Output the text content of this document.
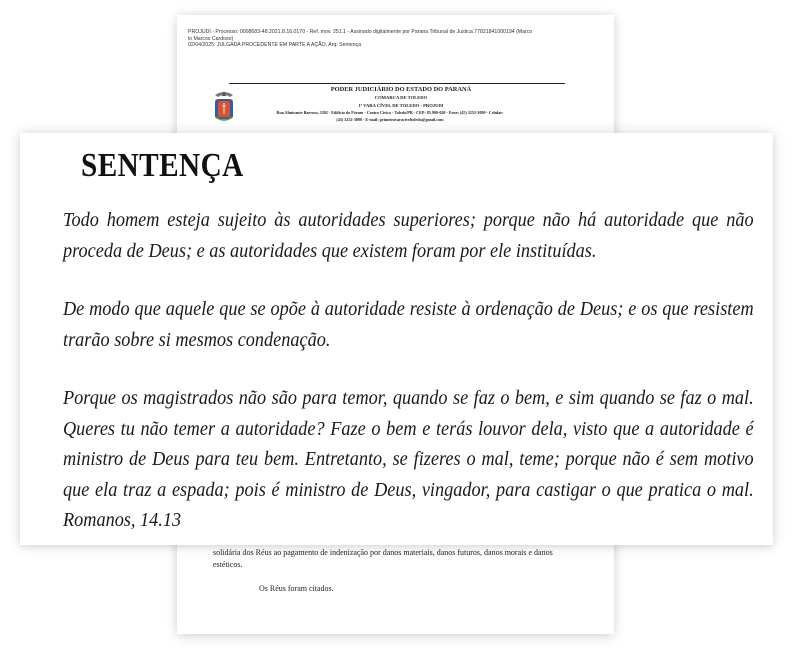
PROJUDI - Processo: 0008683-48.2021.8.16.0170 - Ref. mov. 251.1 - Assinado digitalmente por Parana Tribunal de Justica:77821841000194 (Marco
lo Marcos Cardoso)
02/04/2025: JULGADA PROCEDENTE EM PARTE A AÇÃO. Arq: Sentença
PODER JUDICIÁRIO DO ESTADO DO PARANÁ
COMARCA DE TOLEDO
1ª VARA CÍVEL DE TOLEDO - PROJUDI
Rua Almirante Barroso, 3202 - Edifício do Fórum - Centro Cívico - Toledo/PR - CEP: 85.900-020 - Fone: (45) 3252-3090 - Celular:
(45) 3252-3090 - E-mail: primeiravaracíveltoledo@gmail.com

solidária dos Réus ao pagamento de indenização por danos materiais, danos futuros, danos morais e danos estéticos.

Os Réus foram citados.

SENTENÇA

Todo homem esteja sujeito às autoridades superiores; porque não há autoridade que não proceda de Deus; e as autoridades que existem foram por ele instituídas.

De modo que aquele que se opõe à autoridade resiste à ordenação de Deus; e os que resistem trarão sobre si mesmos condenação.

Porque os magistrados não são para temor, quando se faz o bem, e sim quando se faz o mal. Queres tu não temer a autoridade? Faze o bem e terás louvor dela, visto que a autoridade é ministro de Deus para teu bem. Entretanto, se fizeres o mal, teme; porque não é sem motivo que ela traz a espada; pois é ministro de Deus, vingador, para castigar o que pratica o mal. Romanos, 14.13
